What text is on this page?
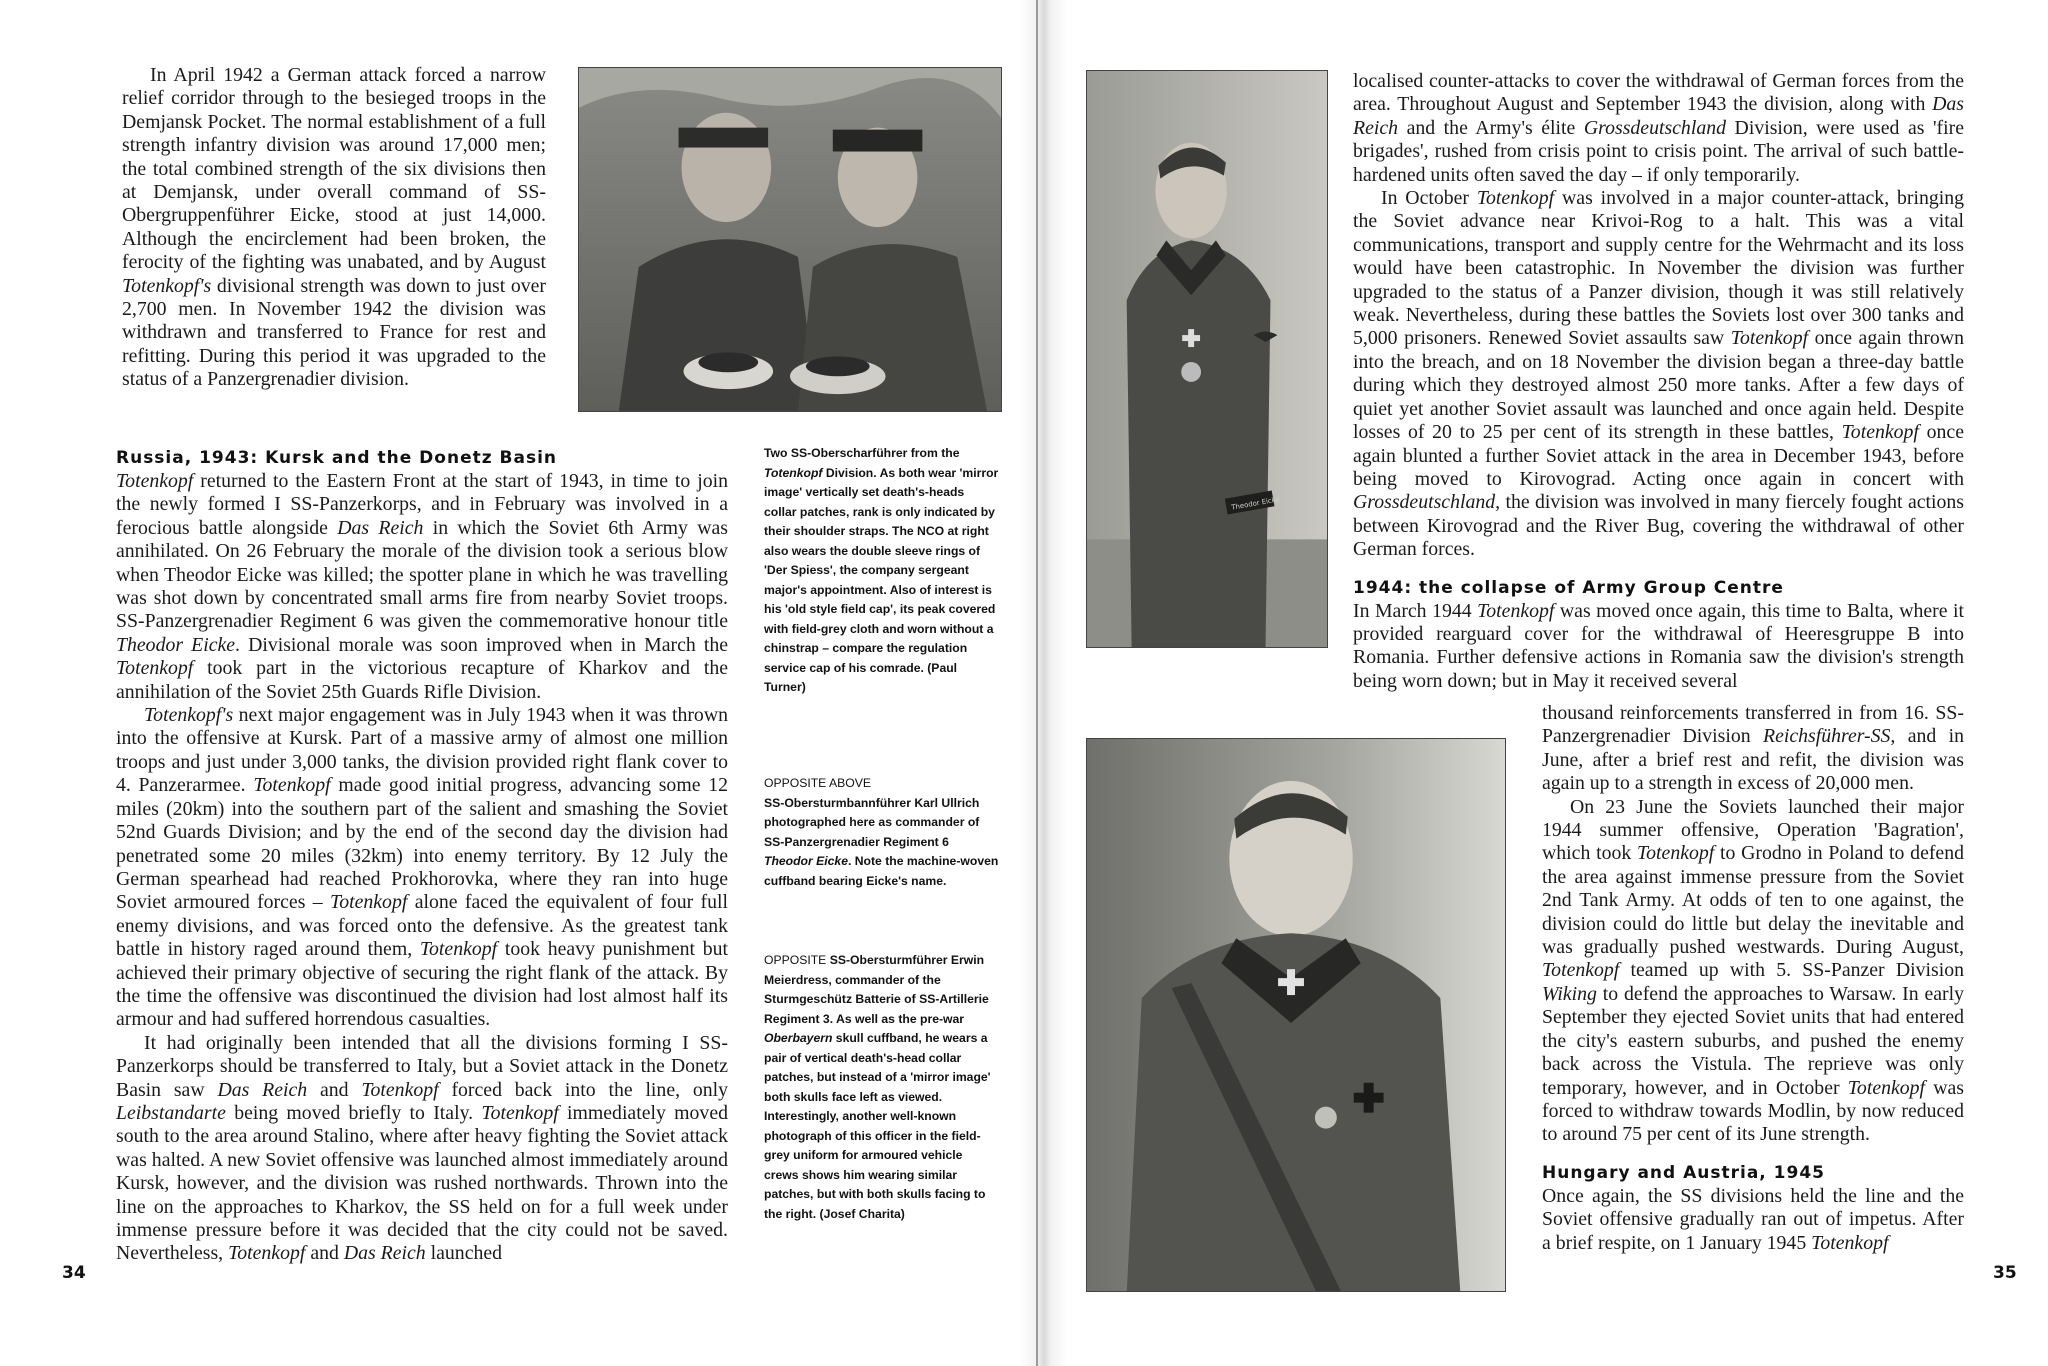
In April 1942 a German attack forced a narrow relief corridor through to the besieged troops in the Demjansk Pocket. The normal establishment of a full strength infantry division was around 17,000 men; the total combined strength of the six divisions then at Demjansk, under overall command of SS-Obergruppenführer Eicke, stood at just 14,000. Although the encirclement had been broken, the ferocity of the fighting was unabated, and by August Totenkopf's divisional strength was down to just over 2,700 men. In November 1942 the division was withdrawn and transferred to France for rest and refitting. During this period it was upgraded to the status of a Panzergrenadier division.

Russia, 1943: Kursk and the Donetz Basin

Totenkopf returned to the Eastern Front at the start of 1943, in time to join the newly formed I SS-Panzerkorps, and in February was involved in a ferocious battle alongside Das Reich in which the Soviet 6th Army was annihilated. On 26 February the morale of the division took a serious blow when Theodor Eicke was killed; the spotter plane in which he was travelling was shot down by concentrated small arms fire from nearby Soviet troops. SS-Panzergrenadier Regiment 6 was given the commemorative honour title Theodor Eicke. Divisional morale was soon improved when in March the Totenkopf took part in the victorious recapture of Kharkov and the annihilation of the Soviet 25th Guards Rifle Division.

Totenkopf's next major engagement was in July 1943 when it was thrown into the offensive at Kursk. Part of a massive army of almost one million troops and just under 3,000 tanks, the division provided right flank cover to 4. Panzerarmee. Totenkopf made good initial progress, advancing some 12 miles (20km) into the southern part of the salient and smashing the Soviet 52nd Guards Division; and by the end of the second day the division had penetrated some 20 miles (32km) into enemy territory. By 12 July the German spearhead had reached Prokhorovka, where they ran into huge Soviet armoured forces – Totenkopf alone faced the equivalent of four full enemy divisions, and was forced onto the defensive. As the greatest tank battle in history raged around them, Totenkopf took heavy punishment but achieved their primary objective of securing the right flank of the attack. By the time the offensive was discontinued the division had lost almost half its armour and had suffered horrendous casualties.

It had originally been intended that all the divisions forming I SS-Panzerkorps should be transferred to Italy, but a Soviet attack in the Donetz Basin saw Das Reich and Totenkopf forced back into the line, only Leibstandarte being moved briefly to Italy. Totenkopf immediately moved south to the area around Stalino, where after heavy fighting the Soviet attack was halted. A new Soviet offensive was launched almost immediately around Kursk, however, and the division was rushed northwards. Thrown into the line on the approaches to Kharkov, the SS held on for a full week under immense pressure before it was decided that the city could not be saved. Nevertheless, Totenkopf and Das Reich launched

Two SS-Oberscharführer from the Totenkopf Division. As both wear 'mirror image' vertically set death's-heads collar patches, rank is only indicated by their shoulder straps. The NCO at right also wears the double sleeve rings of 'Der Spiess', the company sergeant major's appointment. Also of interest is his 'old style field cap', its peak covered with field-grey cloth and worn without a chinstrap – compare the regulation service cap of his comrade. (Paul Turner)
OPPOSITE ABOVE
SS-Obersturmbannführer Karl Ullrich photographed here as commander of SS-Panzergrenadier Regiment 6 Theodor Eicke. Note the machine-woven cuffband bearing Eicke's name.
OPPOSITE SS-Obersturmführer Erwin Meierdress, commander of the Sturmgeschütz Batterie of SS-Artillerie Regiment 3. As well as the pre-war Oberbayern skull cuffband, he wears a pair of vertical death's-head collar patches, but instead of a 'mirror image' both skulls face left as viewed. Interestingly, another well-known photograph of this officer in the field-grey uniform for armoured vehicle crews shows him wearing similar patches, but with both skulls facing to the right. (Josef Charita)
34
Theodor Eicke

localised counter-attacks to cover the withdrawal of German forces from the area. Throughout August and September 1943 the division, along with Das Reich and the Army's élite Grossdeutschland Division, were used as 'fire brigades', rushed from crisis point to crisis point. The arrival of such battle-hardened units often saved the day – if only temporarily.

In October Totenkopf was involved in a major counter-attack, bringing the Soviet advance near Krivoi-Rog to a halt. This was a vital communications, transport and supply centre for the Wehrmacht and its loss would have been catastrophic. In November the division was further upgraded to the status of a Panzer division, though it was still relatively weak. Nevertheless, during these battles the Soviets lost over 300 tanks and 5,000 prisoners. Renewed Soviet assaults saw Totenkopf once again thrown into the breach, and on 18 November the division began a three-day battle during which they destroyed almost 250 more tanks. After a few days of quiet yet another Soviet assault was launched and once again held. Despite losses of 20 to 25 per cent of its strength in these battles, Totenkopf once again blunted a further Soviet attack in the area in December 1943, before being moved to Kirovograd. Acting once again in concert with Grossdeutschland, the division was involved in many fiercely fought actions between Kirovograd and the River Bug, covering the withdrawal of other German forces.

1944: the collapse of Army Group Centre

In March 1944 Totenkopf was moved once again, this time to Balta, where it provided rearguard cover for the withdrawal of Heeresgruppe B into Romania. Further defensive actions in Romania saw the division's strength being worn down; but in May it received several

thousand reinforcements transferred in from 16. SS-Panzergrenadier Division Reichsführer-SS, and in June, after a brief rest and refit, the division was again up to a strength in excess of 20,000 men.

On 23 June the Soviets launched their major 1944 summer offensive, Operation 'Bagration', which took Totenkopf to Grodno in Poland to defend the area against immense pressure from the Soviet 2nd Tank Army. At odds of ten to one against, the division could do little but delay the inevitable and was gradually pushed westwards. During August, Totenkopf teamed up with 5. SS-Panzer Division Wiking to defend the approaches to Warsaw. In early September they ejected Soviet units that had entered the city's eastern suburbs, and pushed the enemy back across the Vistula. The reprieve was only temporary, however, and in October Totenkopf was forced to withdraw towards Modlin, by now reduced to around 75 per cent of its June strength.

Hungary and Austria, 1945

Once again, the SS divisions held the line and the Soviet offensive gradually ran out of impetus. After a brief respite, on 1 January 1945 Totenkopf

35
